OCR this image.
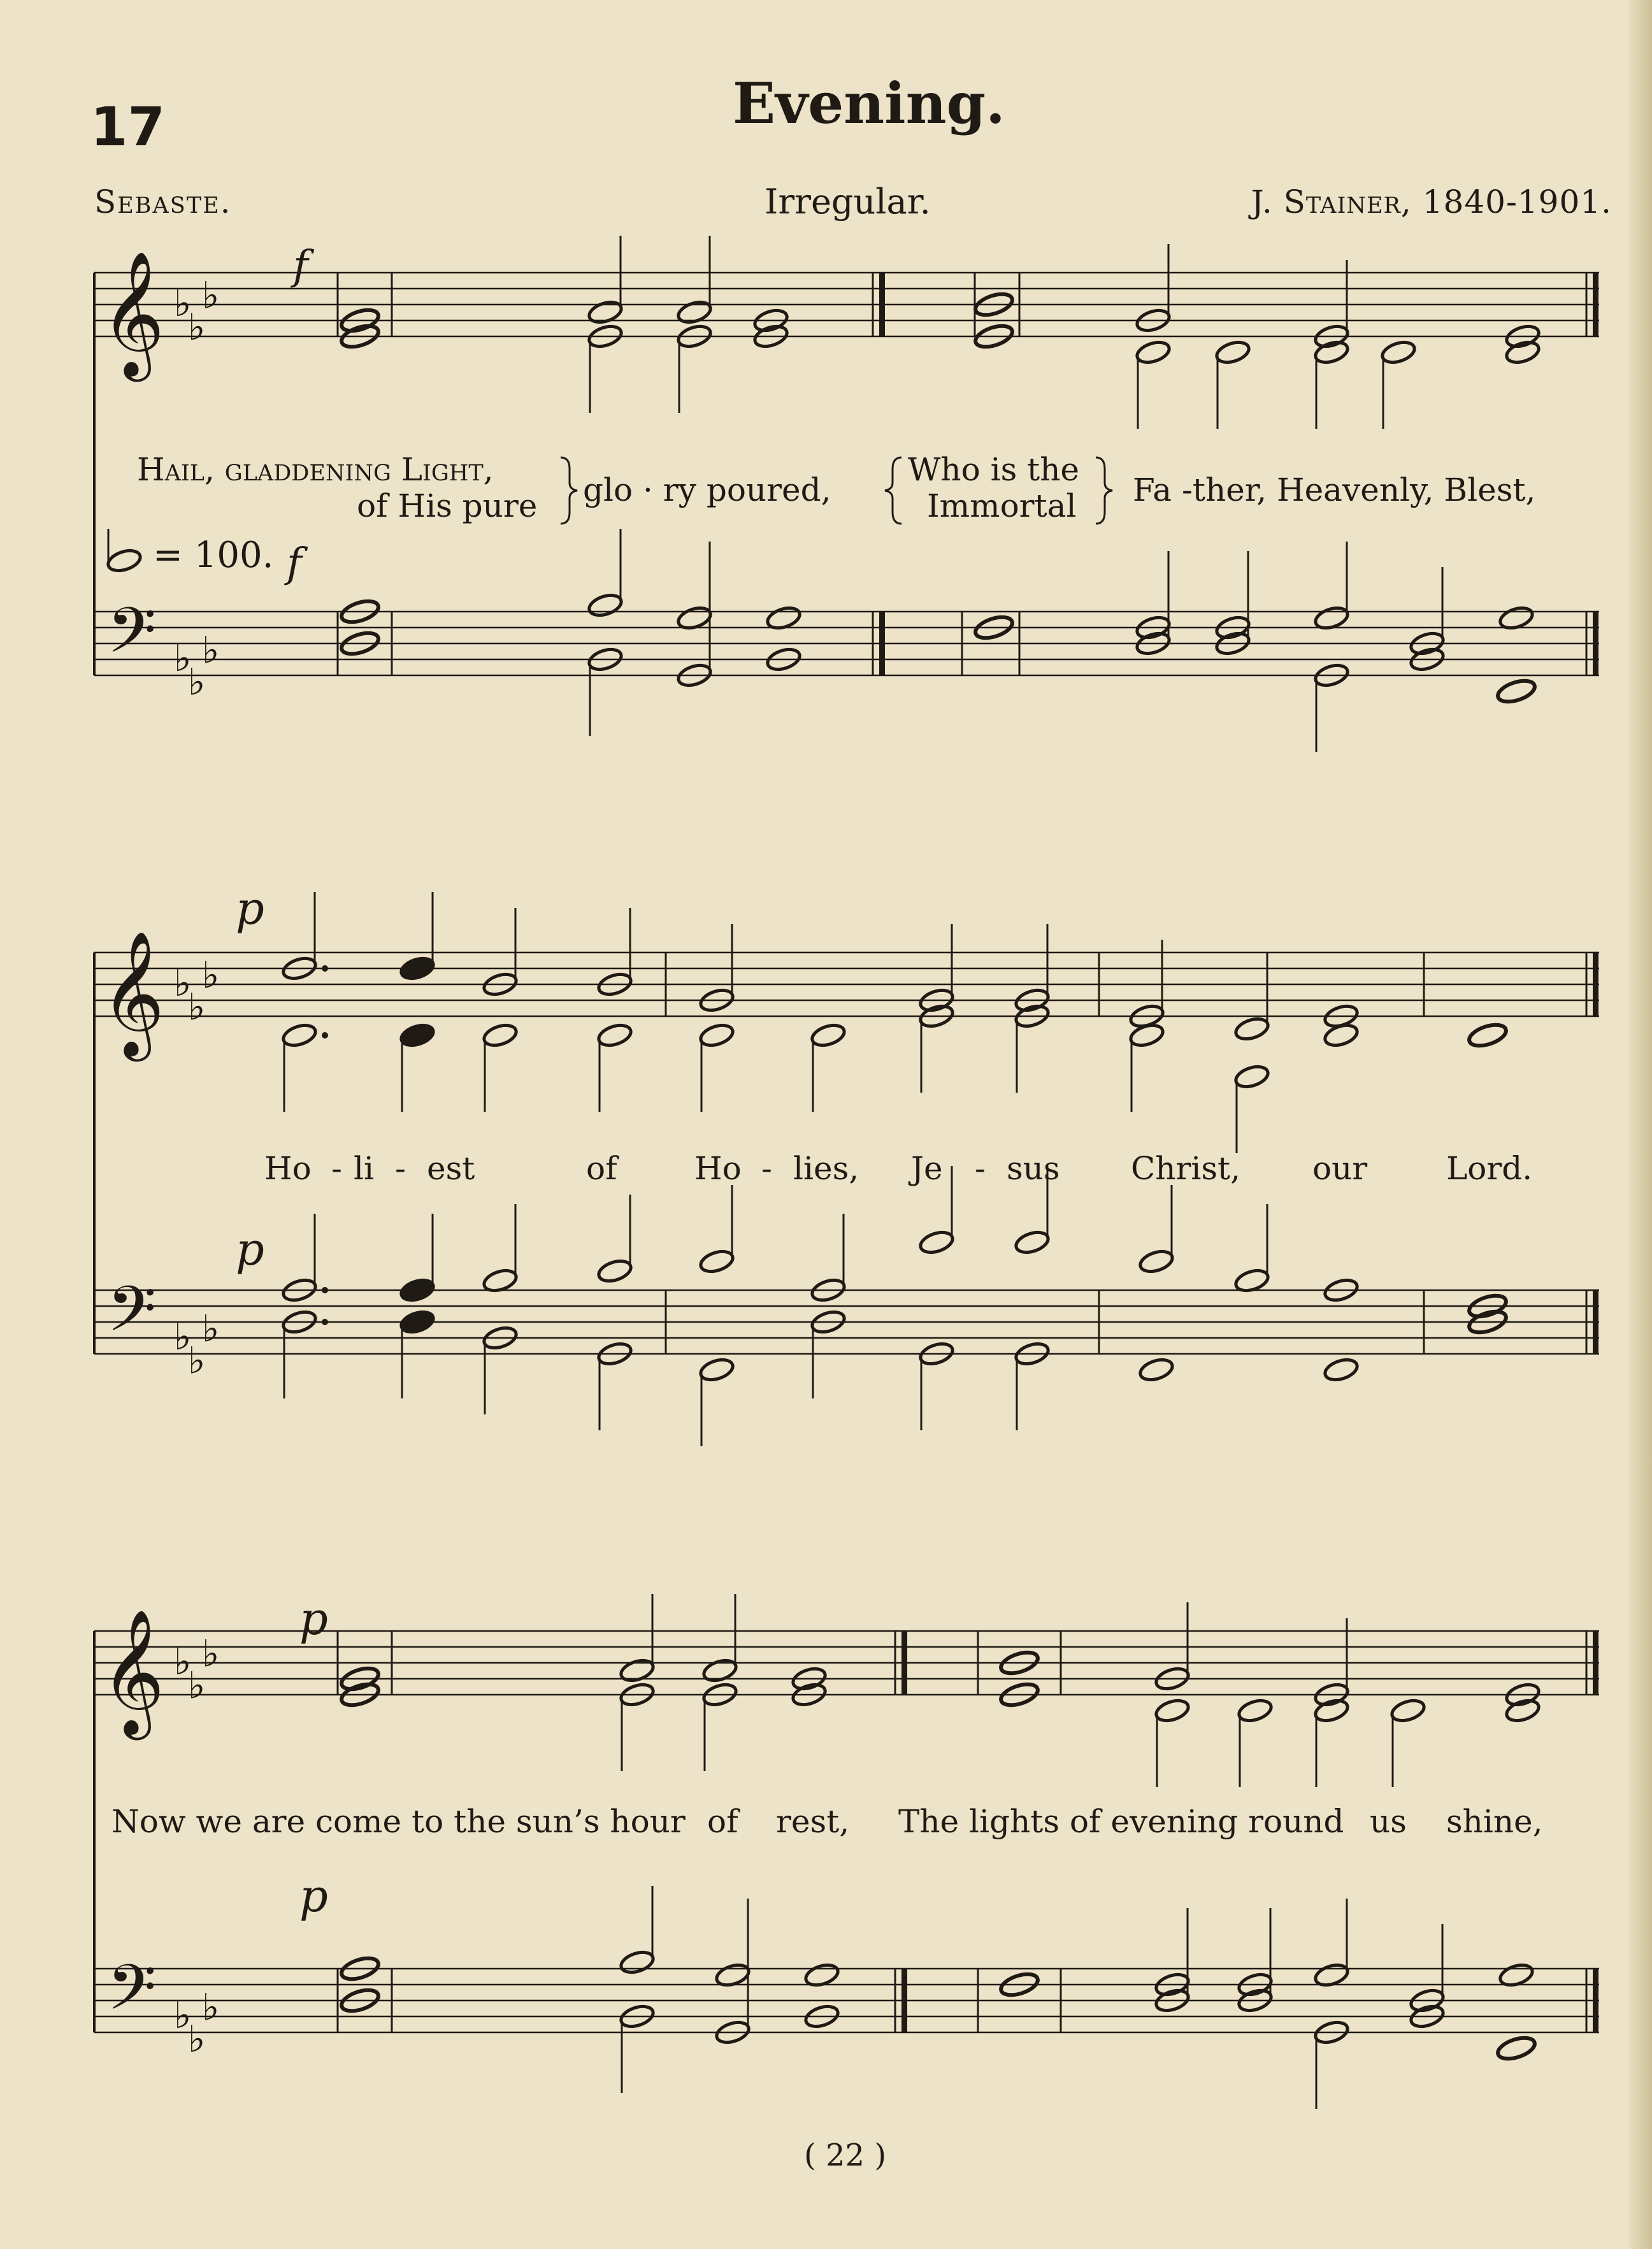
17	Evening.
Sebaste.	Irregular.	J. Stainer, 1840-1901.
𝄞
𝄢
♭
♭
♭
♭
♭
♭
f
= 100. f
𝄞
𝄢
♭
♭
♭
♭
♭
♭
p
p
𝄞
𝄢
♭
♭
♭
♭
♭
♭
p
p
Hail, gladdening Light,
of His pure glo · ry poured,
Who is the
Immortal Fa -ther, Heavenly, Blest,
Ho - li - est	of Ho - lies, Je - sus Christ, our Lord.
Now we are come to the sun’s hour of rest, The lights of evening round us shine,
( 22 )
